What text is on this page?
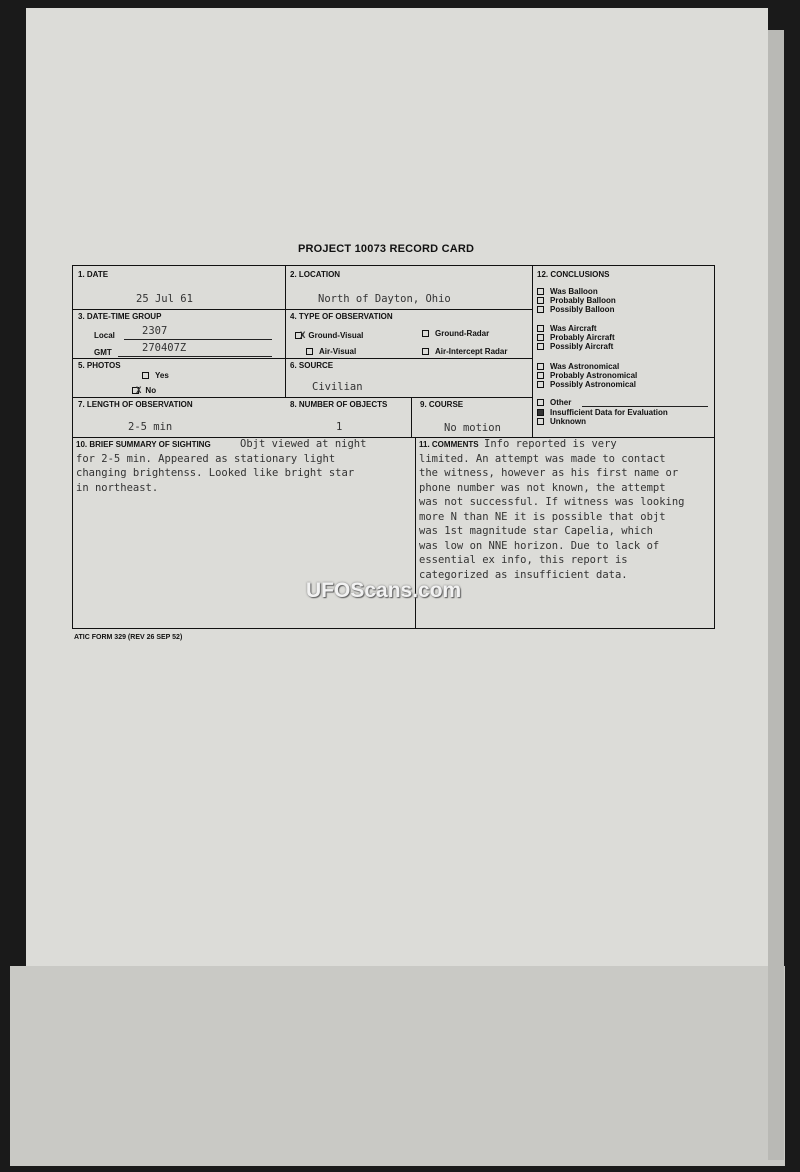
PROJECT 10073 RECORD CARD
1. DATE
25 Jul 61
2. LOCATION
North of Dayton, Ohio
3. DATE-TIME GROUP
Local	2307
GMT	270407Z
4. TYPE OF OBSERVATION
X Ground-Visual	Ground-Radar
Air-Visual	Air-Intercept Radar
5. PHOTOS
Yes
X No
6. SOURCE
Civilian
7. LENGTH OF OBSERVATION
2-5 min
8. NUMBER OF OBJECTS
1
9. COURSE
No motion
10. BRIEF SUMMARY OF SIGHTING	Objt viewed at night
for 2-5 min. Appeared as stationary light
changing brightenss. Looked like bright star
in northeast.
11. COMMENTS Info reported is very
limited. An attempt was made to contact
the witness, however as his first name or
phone number was not known, the attempt
was not successful. If witness was looking
more N than NE it is possible that objt
was 1st magnitude star Capelia, which
was low on NNE horizon. Due to lack of
essential ex info, this report is
categorized as insufficient data.
12. CONCLUSIONS
Was Balloon
Probably Balloon
Possibly Balloon
Was Aircraft
Probably Aircraft
Possibly Aircraft
Was Astronomical
Probably Astronomical
Possibly Astronomical
Other
Insufficient Data for Evaluation
Unknown
ATIC FORM 329 (REV 26 SEP 52)
UFOScans.com
